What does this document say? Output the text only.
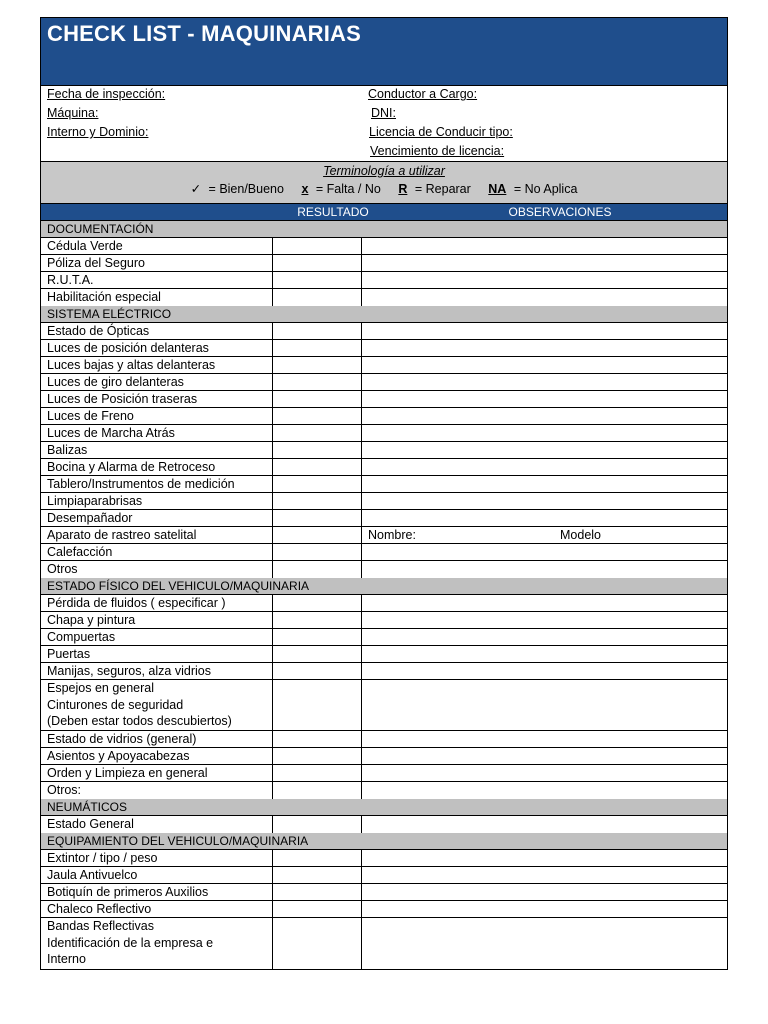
CHECK LIST - MAQUINARIAS
Fecha de inspección:
Máquina:
Interno y Dominio:
Conductor a Cargo:
DNI:
Licencia de Conducir tipo:
Vencimiento de licencia:
Terminología a utilizar
✓ = Bien/Bueno x = Falta / No R = Reparar NA = No Aplica
RESULTADO	OBSERVACIONES
DOCUMENTACIÓN
Cédula Verde
Póliza del Seguro
R.U.T.A.
Habilitación especial
SISTEMA ELÉCTRICO
Estado de Ópticas
Luces de posición delanteras
Luces bajas y altas delanteras
Luces de giro delanteras
Luces de Posición traseras
Luces de Freno
Luces de Marcha Atrás
Balizas
Bocina y Alarma de Retroceso
Tablero/Instrumentos de medición
Limpiaparabrisas
Desempañador
Aparato de rastreo satelital	Nombre:	Modelo
Calefacción
Otros
ESTADO FÍSICO DEL VEHICULO/MAQUINARIA
Pérdida de fluidos ( especificar )
Chapa y pintura
Compuertas
Puertas
Manijas, seguros, alza vidrios
Espejos en general
Cinturones de seguridad
(Deben estar todos descubiertos)
Estado de vidrios (general)
Asientos y Apoyacabezas
Orden y Limpieza en general
Otros:
NEUMÁTICOS
Estado General
EQUIPAMIENTO DEL VEHICULO/MAQUINARIA
Extintor / tipo / peso
Jaula Antivuelco
Botiquín de primeros Auxilios
Chaleco Reflectivo
Bandas Reflectivas
Identificación de la empresa e
Interno
